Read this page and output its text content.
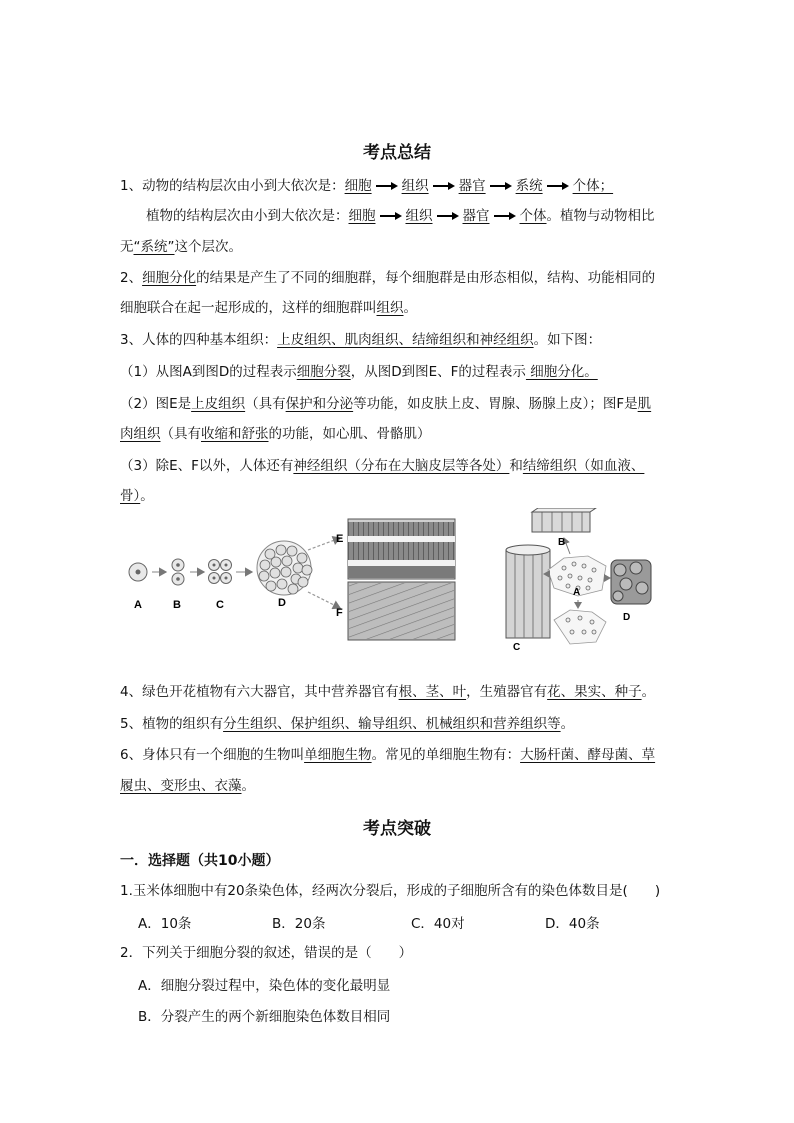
考点总结
1、动物的结构层次由小到大依次是：细胞 组织 器官 系统 个体；
植物的结构层次由小到大依次是：细胞 组织 器官 个体。植物与动物相比
无“系统”这个层次。
2、细胞分化的结果是产生了不同的细胞群，每个细胞群是由形态相似，结构、功能相同的
细胞联合在起一起形成的，这样的细胞群叫组织。
3、人体的四种基本组织：上皮组织、肌肉组织、结缔组织和神经组织。如下图：
（1）从图A到图D的过程表示细胞分裂，从图D到图E、F的过程表示 细胞分化。
（2）图E是上皮组织（具有保护和分泌等功能，如皮肤上皮、胃腺、肠腺上皮）；图F是肌
肉组织（具有收缩和舒张的功能，如心肌、骨骼肌）
（3）除E、F以外，人体还有神经组织（分布在大脑皮层等各处）和结缔组织（如血液、
骨）。
A	B	C	D
E
F
A
B
C
D
4、绿色开花植物有六大器官，其中营养器官有根、茎、叶，生殖器官有花、果实、种子。
5、植物的组织有分生组织、保护组织、输导组织、机械组织和营养组织等。
6、身体只有一个细胞的生物叫单细胞生物。常见的单细胞生物有：大肠杆菌、酵母菌、草
履虫、变形虫、衣藻。
考点突破
一．选择题（共10小题）
1.玉米体细胞中有20条染色体，经两次分裂后，形成的子细胞所含有的染色体数目是(　　)
A．10条	B．20条	C．40对	D．40条
2．下列关于细胞分裂的叙述，错误的是（　　）
A．细胞分裂过程中，染色体的变化最明显
B．分裂产生的两个新细胞染色体数目相同
